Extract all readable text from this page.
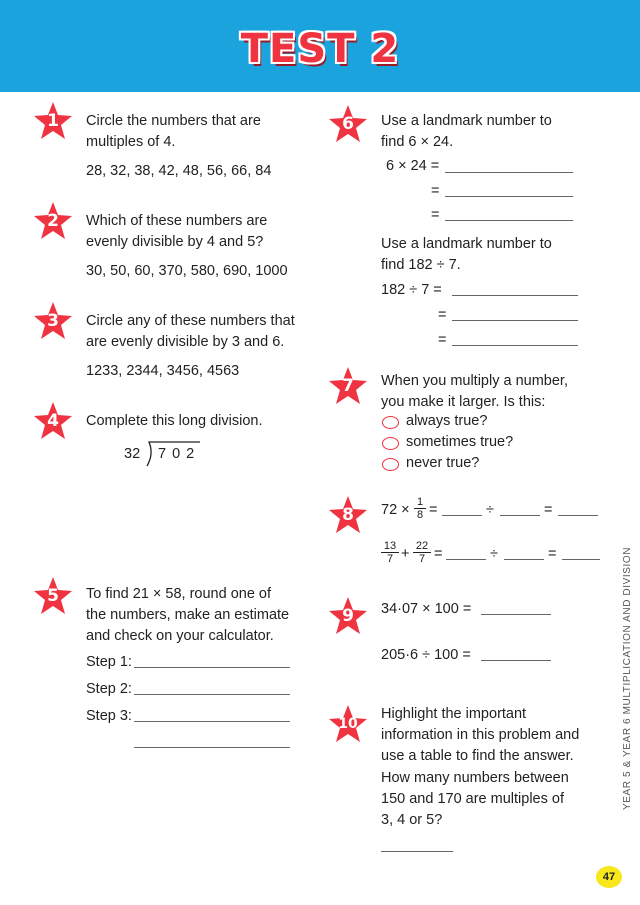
TEST 2
1	Circle the numbers that are
multiples of 4.
28, 32, 38, 42, 48, 56, 66, 84
2	Which of these numbers are
evenly divisible by 4 and 5?
30, 50, 60, 370, 580, 690, 1000
3	Circle any of these numbers that
are evenly divisible by 3 and 6.
1233, 2344, 3456, 4563
4	Complete this long division.
32 7 0 2
5	To find 21 × 58, round one of
the numbers, make an estimate
and check on your calculator.
Step 1:
Step 2:
Step 3:
6	Use a landmark number to
find 6 × 24.
6 × 24 =
=
=
Use a landmark number to
find 182 ÷ 7.
182 ÷ 7 =
=
=
7	When you multiply a number,
you make it larger. Is this:
always true?
sometimes true?
never true?
8	72 × 1
8 =	÷	=
13
7 + 22
7 =	÷	=
9	34·07 × 100 =
205·6 ÷ 100 =
10
Highlight the important
information in this problem and
use a table to find the answer.
How many numbers between
150 and 170 are multiples of
3, 4 or 5?
YEAR 5 & YEAR 6 MULTIPLICATION AND DIVISION
47
